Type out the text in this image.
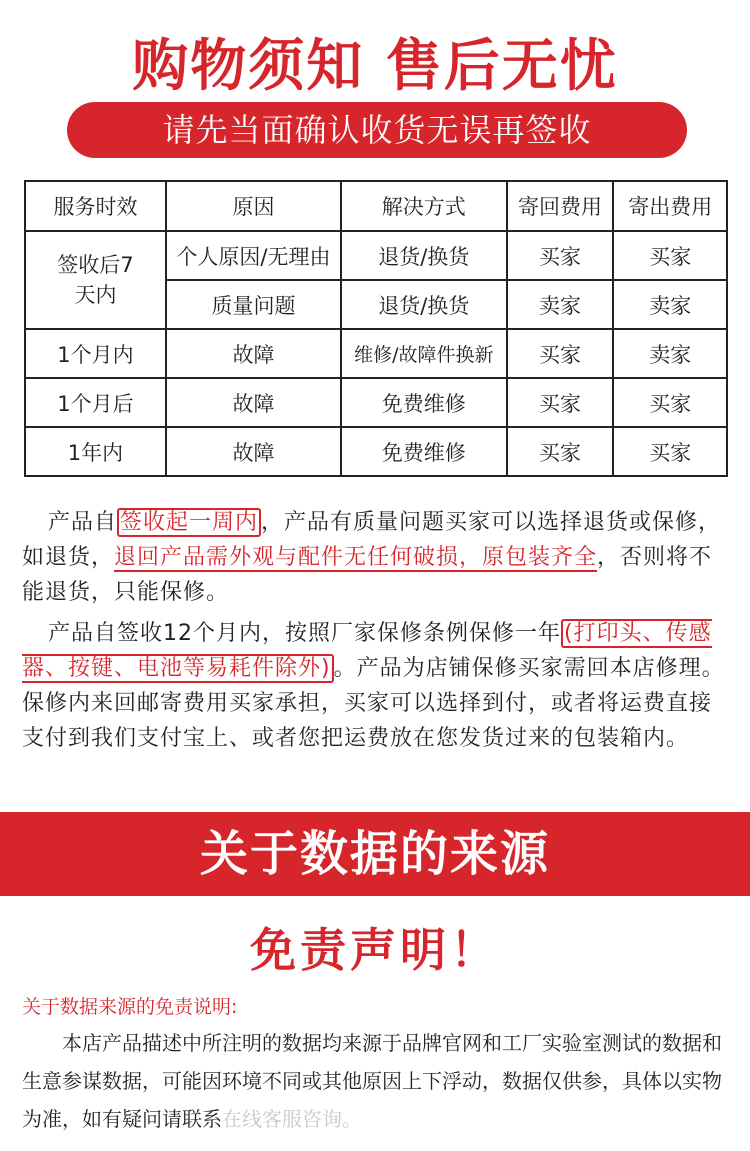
购物须知 售后无忧
请先当面确认收货无误再签收
服务时效	原因	解决方式	寄回费用	寄出费用
签收后7天内	个人原因/无理由	退货/换货	买家	买家
	质量问题	退货/换货	卖家	卖家
1个月内	故障	维修/故障件换新	买家	卖家
1个月后	故障	免费维修	买家	买家
1年内	故障	免费维修	买家	买家
产品自 签收起一周内 ，产品有质量问题买家可以选择退货或保修，如退货，退回产品需外观与配件无任何破损，原包装齐全，否则将不能退货，只能保修。
产品自签收12个月内，按照厂家保修条例保修一年 (打印头、传感器、按键、电池等易耗件除外) 。产品为店铺保修买家需回本店修理。保修内来回邮寄费用买家承担，买家可以选择到付，或者将运费直接支付到我们支付宝上、或者您把运费放在您发货过来的包装箱内。
关于数据的来源
免责声明！
关于数据来源的免责说明:
本店产品描述中所注明的数据均来源于品牌官网和工厂实验室测试的数据和生意参谋数据，可能因环境不同或其他原因上下浮动，数据仅供参，具体以实物为准，如有疑问请联系在线客服咨询。
